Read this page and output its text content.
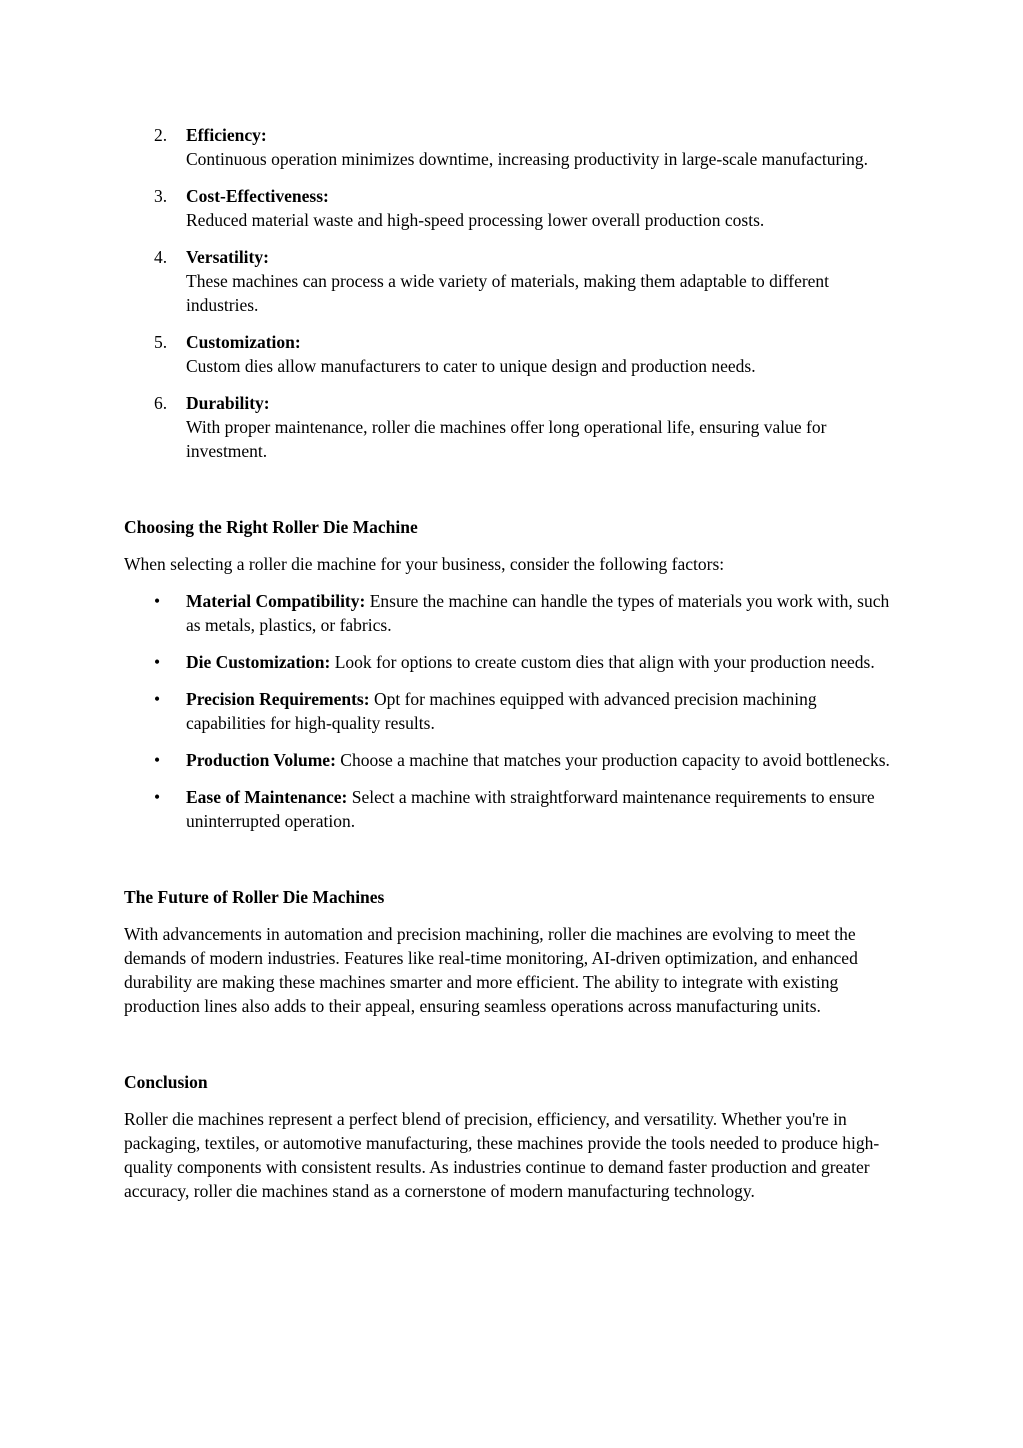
2. Efficiency:
Continuous operation minimizes downtime, increasing productivity in large-scale manufacturing.
3. Cost-Effectiveness:
Reduced material waste and high-speed processing lower overall production costs.
4. Versatility:
These machines can process a wide variety of materials, making them adaptable to different industries.
5. Customization:
Custom dies allow manufacturers to cater to unique design and production needs.
6. Durability:
With proper maintenance, roller die machines offer long operational life, ensuring value for investment.
Choosing the Right Roller Die Machine

When selecting a roller die machine for your business, consider the following factors:

• Material Compatibility: Ensure the machine can handle the types of materials you work with, such as metals, plastics, or fabrics.
• Die Customization: Look for options to create custom dies that align with your production needs.
• Precision Requirements: Opt for machines equipped with advanced precision machining capabilities for high-quality results.
• Production Volume: Choose a machine that matches your production capacity to avoid bottlenecks.
• Ease of Maintenance: Select a machine with straightforward maintenance requirements to ensure uninterrupted operation.
The Future of Roller Die Machines

With advancements in automation and precision machining, roller die machines are evolving to meet the demands of modern industries. Features like real-time monitoring, AI-driven optimization, and enhanced durability are making these machines smarter and more efficient. The ability to integrate with existing production lines also adds to their appeal, ensuring seamless operations across manufacturing units.

Conclusion

Roller die machines represent a perfect blend of precision, efficiency, and versatility. Whether you're in packaging, textiles, or automotive manufacturing, these machines provide the tools needed to produce high-quality components with consistent results. As industries continue to demand faster production and greater accuracy, roller die machines stand as a cornerstone of modern manufacturing technology.
